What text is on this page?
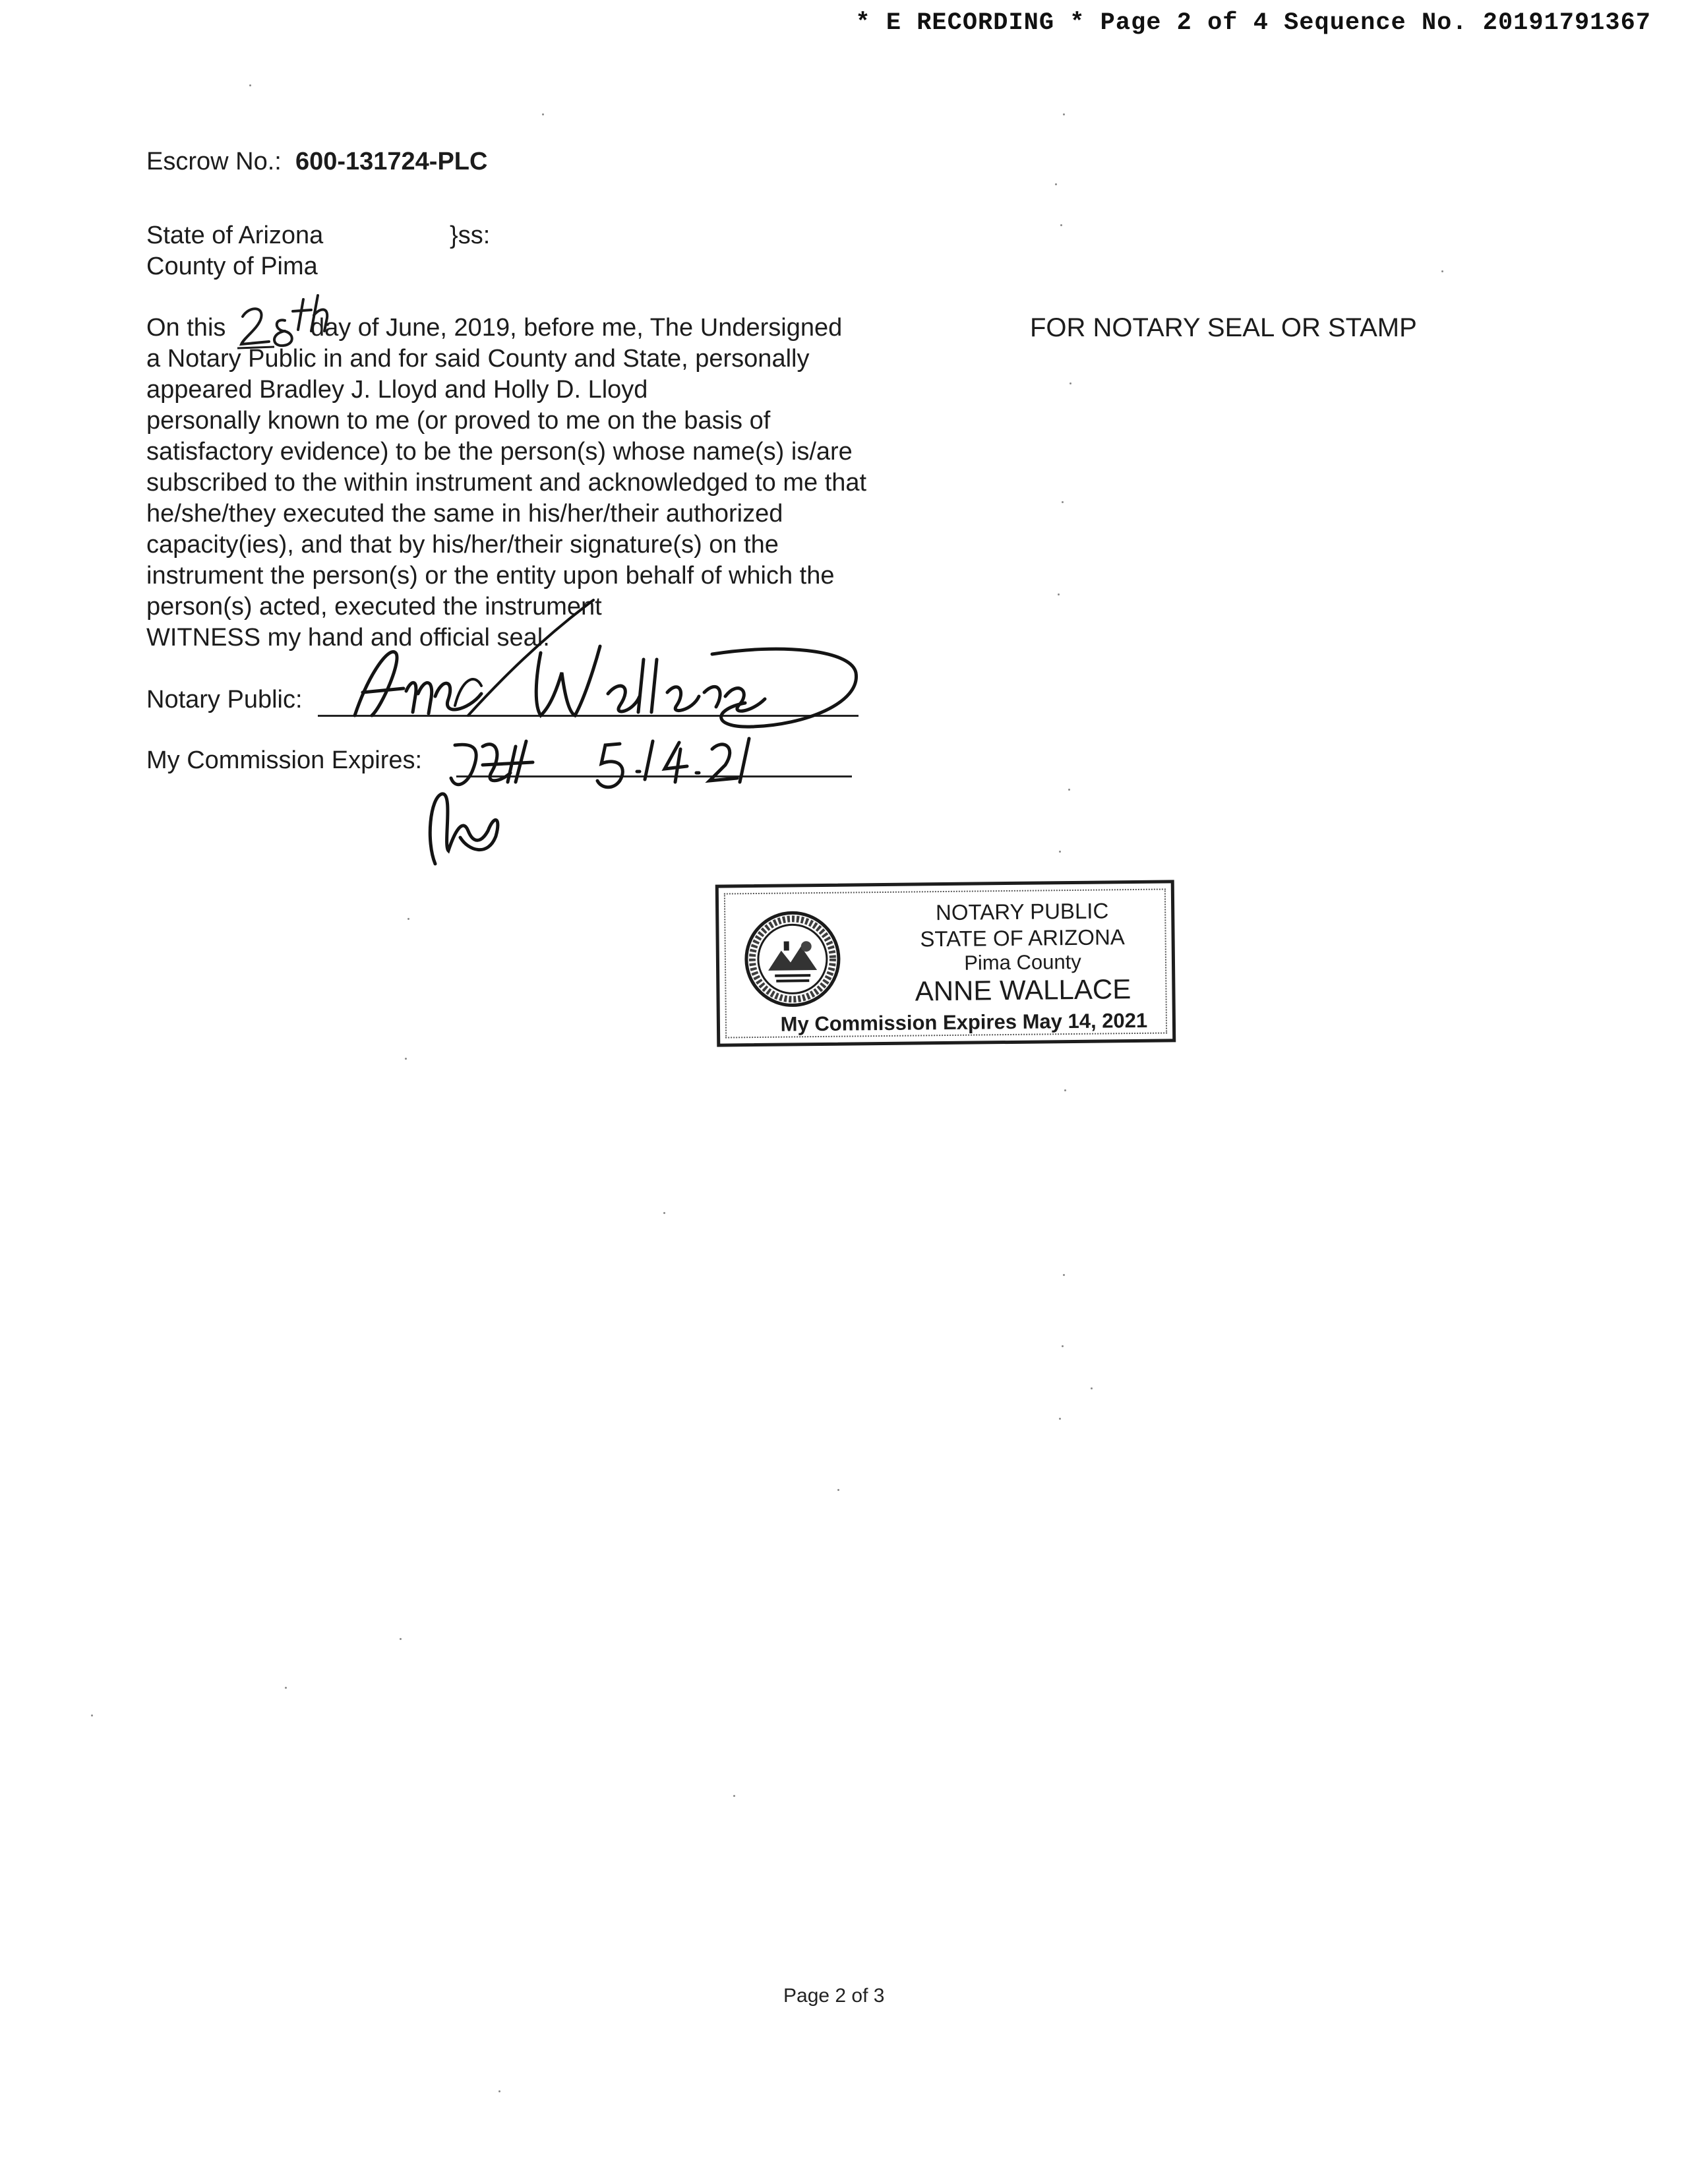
* E RECORDING * Page 2 of 4 Sequence No. 20191791367
Escrow No.: 600-131724-PLC
State of Arizona
County of Pima
}ss:
FOR NOTARY SEAL OR STAMP
On this	day of June, 2019, before me, The Undersigned
a Notary Public in and for said County and State, personally
appeared Bradley J. Lloyd and Holly D. Lloyd
personally known to me (or proved to me on the basis of
satisfactory evidence) to be the person(s) whose name(s) is/are
subscribed to the within instrument and acknowledged to me that
he/she/they executed the same in his/her/their authorized
capacity(ies), and that by his/her/their signature(s) on the
instrument the person(s) or the entity upon behalf of which the
person(s) acted, executed the instrument
WITNESS my hand and official seal.
Notary Public:
My Commission Expires:
NOTARY PUBLIC
STATE OF ARIZONA
Pima County
ANNE WALLACE
My Commission Expires May 14, 2021
Page 2 of 3
